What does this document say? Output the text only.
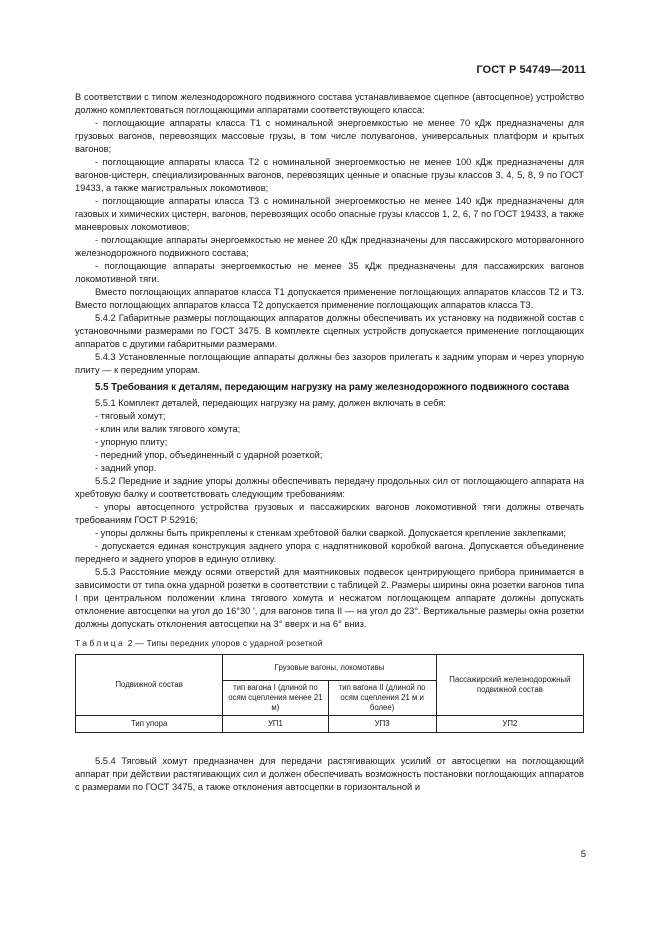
ГОСТ Р 54749—2011

В соответствии с типом железнодорожного подвижного состава устанавливаемое сцепное (автосцепное) устройство должно комплектоваться поглощающими аппаратами соответствующего класса:

- поглощающие аппараты класса Т1 с номинальной энергоемкостью не менее 70 кДж предназначены для грузовых вагонов, перевозящих массовые грузы, в том числе полувагонов, универсальных платформ и крытых вагонов;

- поглощающие аппараты класса Т2 с номинальной энергоемкостью не менее 100 кДж предназначены для вагонов-цистерн, специализированных вагонов, перевозящих ценные и опасные грузы классов 3, 4, 5, 8, 9 по ГОСТ 19433, а также магистральных локомотивов;

- поглощающие аппараты класса Т3 с номинальной энергоемкостью не менее 140 кДж предназначены для газовых и химических цистерн, вагонов, перевозящих особо опасные грузы классов 1, 2, 6, 7 по ГОСТ 19433, а также маневровых локомотивов;

- поглощающие аппараты энергоемкостью не менее 20 кДж предназначены для пассажирского моторвагонного железнодорожного подвижного состава;

- поглощающие аппараты энергоемкостью не менее 35 кДж предназначены для пассажирских вагонов локомотивной тяги.

Вместо поглощающих аппаратов класса Т1 допускается применение поглощающих аппаратов классов Т2 и Т3. Вместо поглощающих аппаратов класса Т2 допускается применение поглощающих аппаратов класса Т3.

5.4.2 Габаритные размеры поглощающих аппаратов должны обеспечивать их установку на подвижной состав с установочными размерами по ГОСТ 3475. В комплекте сцепных устройств допускается применение поглощающих аппаратов с другими габаритными размерами.

5.4.3 Установленные поглощающие аппараты должны без зазоров прилегать к задним упорам и через упорную плиту — к передним упорам.

5.5 Требования к деталям, передающим нагрузку на раму железнодорожного подвижного состава

5.5.1 Комплект деталей, передающих нагрузку на раму, должен включать в себя:

- тяговый хомут;

- клин или валик тягового хомута;

- упорную плиту;

- передний упор, объединенный с ударной розеткой;

- задний упор.

5.5.2 Передние и задние упоры должны обеспечивать передачу продольных сил от поглощающего аппарата на хребтовую балку и соответствовать следующим требованиям:

- упоры автосцепного устройства грузовых и пассажирских вагонов локомотивной тяги должны отвечать требованиям ГОСТ Р 52916;

- упоры должны быть прикреплены к стенкам хребтовой балки сваркой. Допускается крепление заклепками;

- допускается единая конструкция заднего упора с надпятниковой коробкой вагона. Допускается объединение переднего и заднего упоров в единую отливку.

5.5.3 Расстояние между осями отверстий для маятниковых подвесок центрирующего прибора принимается в зависимости от типа окна ударной розетки в соответствии с таблицей 2. Размеры ширины окна розетки вагонов типа I при центральном положении клина тягового хомута и несжатом поглощающем аппарате должны допускать отклонение автосцепки на угол до 16°30 ', для вагонов типа II — на угол до 23°. Вертикальные размеры окна розетки должны допускать отклонения автосцепки на 3° вверх и на 6° вниз.

Таблица 2 — Типы передних упоров с ударной розеткой

Подвижной состав	Грузовые вагоны, локомотивы		Пассажирский железнодорожный подвижной состав
	тип вагона I (длиной по осям сцепления менее 21 м)	тип вагона II (длиной по осям сцепления 21 м и более)	
Тип упора	УП1	УП3	УП2

5.5.4 Тяговый хомут предназначен для передачи растягивающих усилий от автосцепки на поглощающий аппарат при действии растягивающих сил и должен обеспечивать возможность постановки поглощающих аппаратов с размерами по ГОСТ 3475, а также отклонения автосцепки в горизонтальной и

5
